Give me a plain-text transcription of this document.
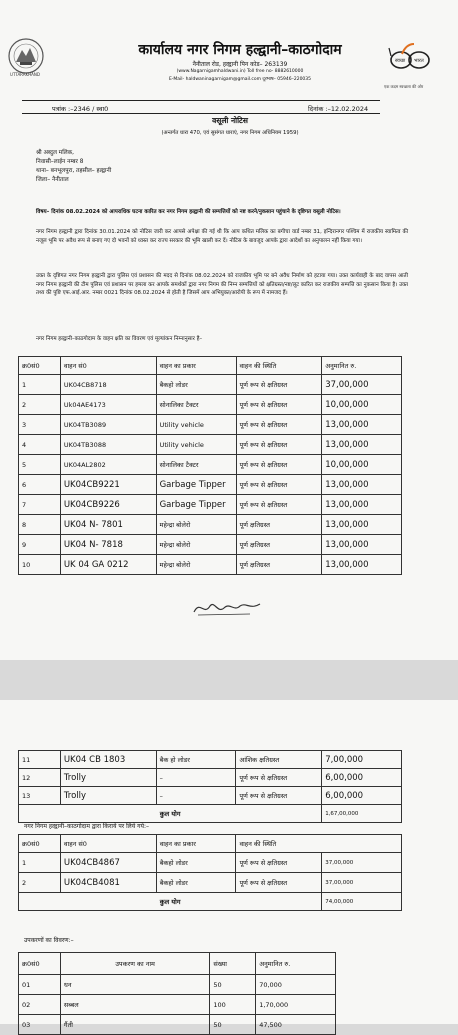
UTTARAKHAND
कार्यालय नगर निगम हल्द्वानी–काठगोदाम
नैनीताल रोड, हल्द्वानी पिन कोड– 263139
(www.Nagarnigamhaldwani.in) Toll free no- 8882610000
E-Mail- haldwaninagarnigam@gmail.com दूरभाष– 05946–220035
स्वच्छ भारत
एक कदम स्वच्छता की ओर
पत्रांक :–2346 / स्वा0	दिनांक :–12.02.2024
वसूली नोटिस
(अन्तर्गत धारा 470, एवं सुसंगत धाराएं, नगर निगम अधिनियम 1959)
श्री अब्दुल मलिक,
निवासी–लाईन नम्बर 8
थाना– बनभूलपुरा, तहसील– हल्द्वानी
जिला– नैनीताल
विषय– दिनांक 08.02.2024 को आपराधिक घटना कारित कर नगर निगम हल्द्वानी की सम्पत्तियों को नष्ट करने/नुकसान पहुंचाने के दृष्टिगत वसूली नोटिस।
नगर निगम हल्द्वानी द्वारा दिनांक 30.01.2024 को नोटिस जारी कर आपसे अपेक्षा की गई थी कि आप कथित मलिक का बगीचा वार्ड नम्बर 31, इन्दिरानगर पश्चिम में राजकीय स्वामित्व की नजूल भूमि पर अवैध रूप से बनाए गए दो भवनों को ध्वस्त कर राज्य सरकार की भूमि खाली कर दें। नोटिस के बावजूद आपके द्वारा आदेशों का अनुपालन नहीं किया गया।
उक्त के दृष्टिगत नगर निगम हल्द्वानी द्वारा पुलिस एवं प्रशासन की मदद से दिनांक 08.02.2024 को राजकीय भूमि पर बने अवैध निर्माण को हटाया गया। उक्त कार्यवाही के बाद वापस आती नगर निगम हल्द्वानी की टीम पुलिस एवं प्रशासन पर हमला कर आपके समर्थकों द्वारा नगर निगम की निम्न सम्पत्तियों को क्षतिग्रस्त/नष्ट/लूट कारित कर राजकीय सम्पत्ति का नुकसान किया है। उक्त तथ्य की पुष्टि एफ.आई.आर. नम्बर 0021 दिनांक 08.02.2024 से होती है जिसमें आप अभियुक्त/आरोपी के रूप में नामजद हैं।
नगर निगम हल्द्वानी–काठगोदाम के वाहन क्षति का विवरण एवं मूल्यांकन निम्नानुसार है–
क्र0सं0	वाहन सं0	वाहन का प्रकार	वाहन की स्थिति	अनुमानित रु.
1	UK04CB8718	बैकहो लोडर	पूर्ण रूप से क्षतिग्रस्त	37,00,000
2	Uk04AE4173	सोनालिका टैक्टर	पूर्ण रूप से क्षतिग्रस्त	10,00,000
3	UK04TB3089	Utility vehicle	पूर्ण रूप से क्षतिग्रस्त	13,00,000
4	UK04TB3088	Utility vehicle	पूर्ण रूप से क्षतिग्रस्त	13,00,000
5	UK04AL2802	सोनालिका टैक्टर	पूर्ण रूप से क्षतिग्रस्त	10,00,000
6	UK04CB9221	Garbage Tipper	पूर्ण रूप से क्षतिग्रस्त	13,00,000
7	UK04CB9226	Garbage Tipper	पूर्ण रूप से क्षतिग्रस्त	13,00,000
8	UK04 N- 7801	महेन्द्रा बोलेरो	पूर्ण क्षतिग्रस्त	13,00,000
9	UK04 N- 7818	महेन्द्रा बोलेरो	पूर्ण क्षतिग्रस्त	13,00,000
10	UK 04 GA 0212	महेन्द्रा बोलेरो	पूर्ण क्षतिग्रस्त	13,00,000
11	UK04 CB 1803	बैक हो लोडर	आंशिक क्षतिग्रस्त	7,00,000
12	Trolly	–	पूर्ण रूप से क्षतिग्रस्त	6,00,000
13	Trolly	–	पूर्ण रूप से क्षतिग्रस्त	6,00,000
कुल योग				1,67,00,000
नगर निगम हल्द्वानी–काठगोदाम द्वारा किराये पर लिये गये:–
क्र0सं0	वाहन सं0	वाहन का प्रकार	वाहन की स्थिति	
1	UK04CB4867	बैकहो लोडर	पूर्ण रूप से क्षतिग्रस्त	37,00,000
2	UK04CB4081	बैकहो लोडर	पूर्ण रूप से क्षतिग्रस्त	37,00,000
कुल योग				74,00,000
उपकरणों का विवरण:–
क्र0सं0	उपकरण का नाम	संख्या	अनुमानित रु.
01	धन	50	70,000
02	सब्बल	100	1,70,000
03	गैंती	50	47,500
